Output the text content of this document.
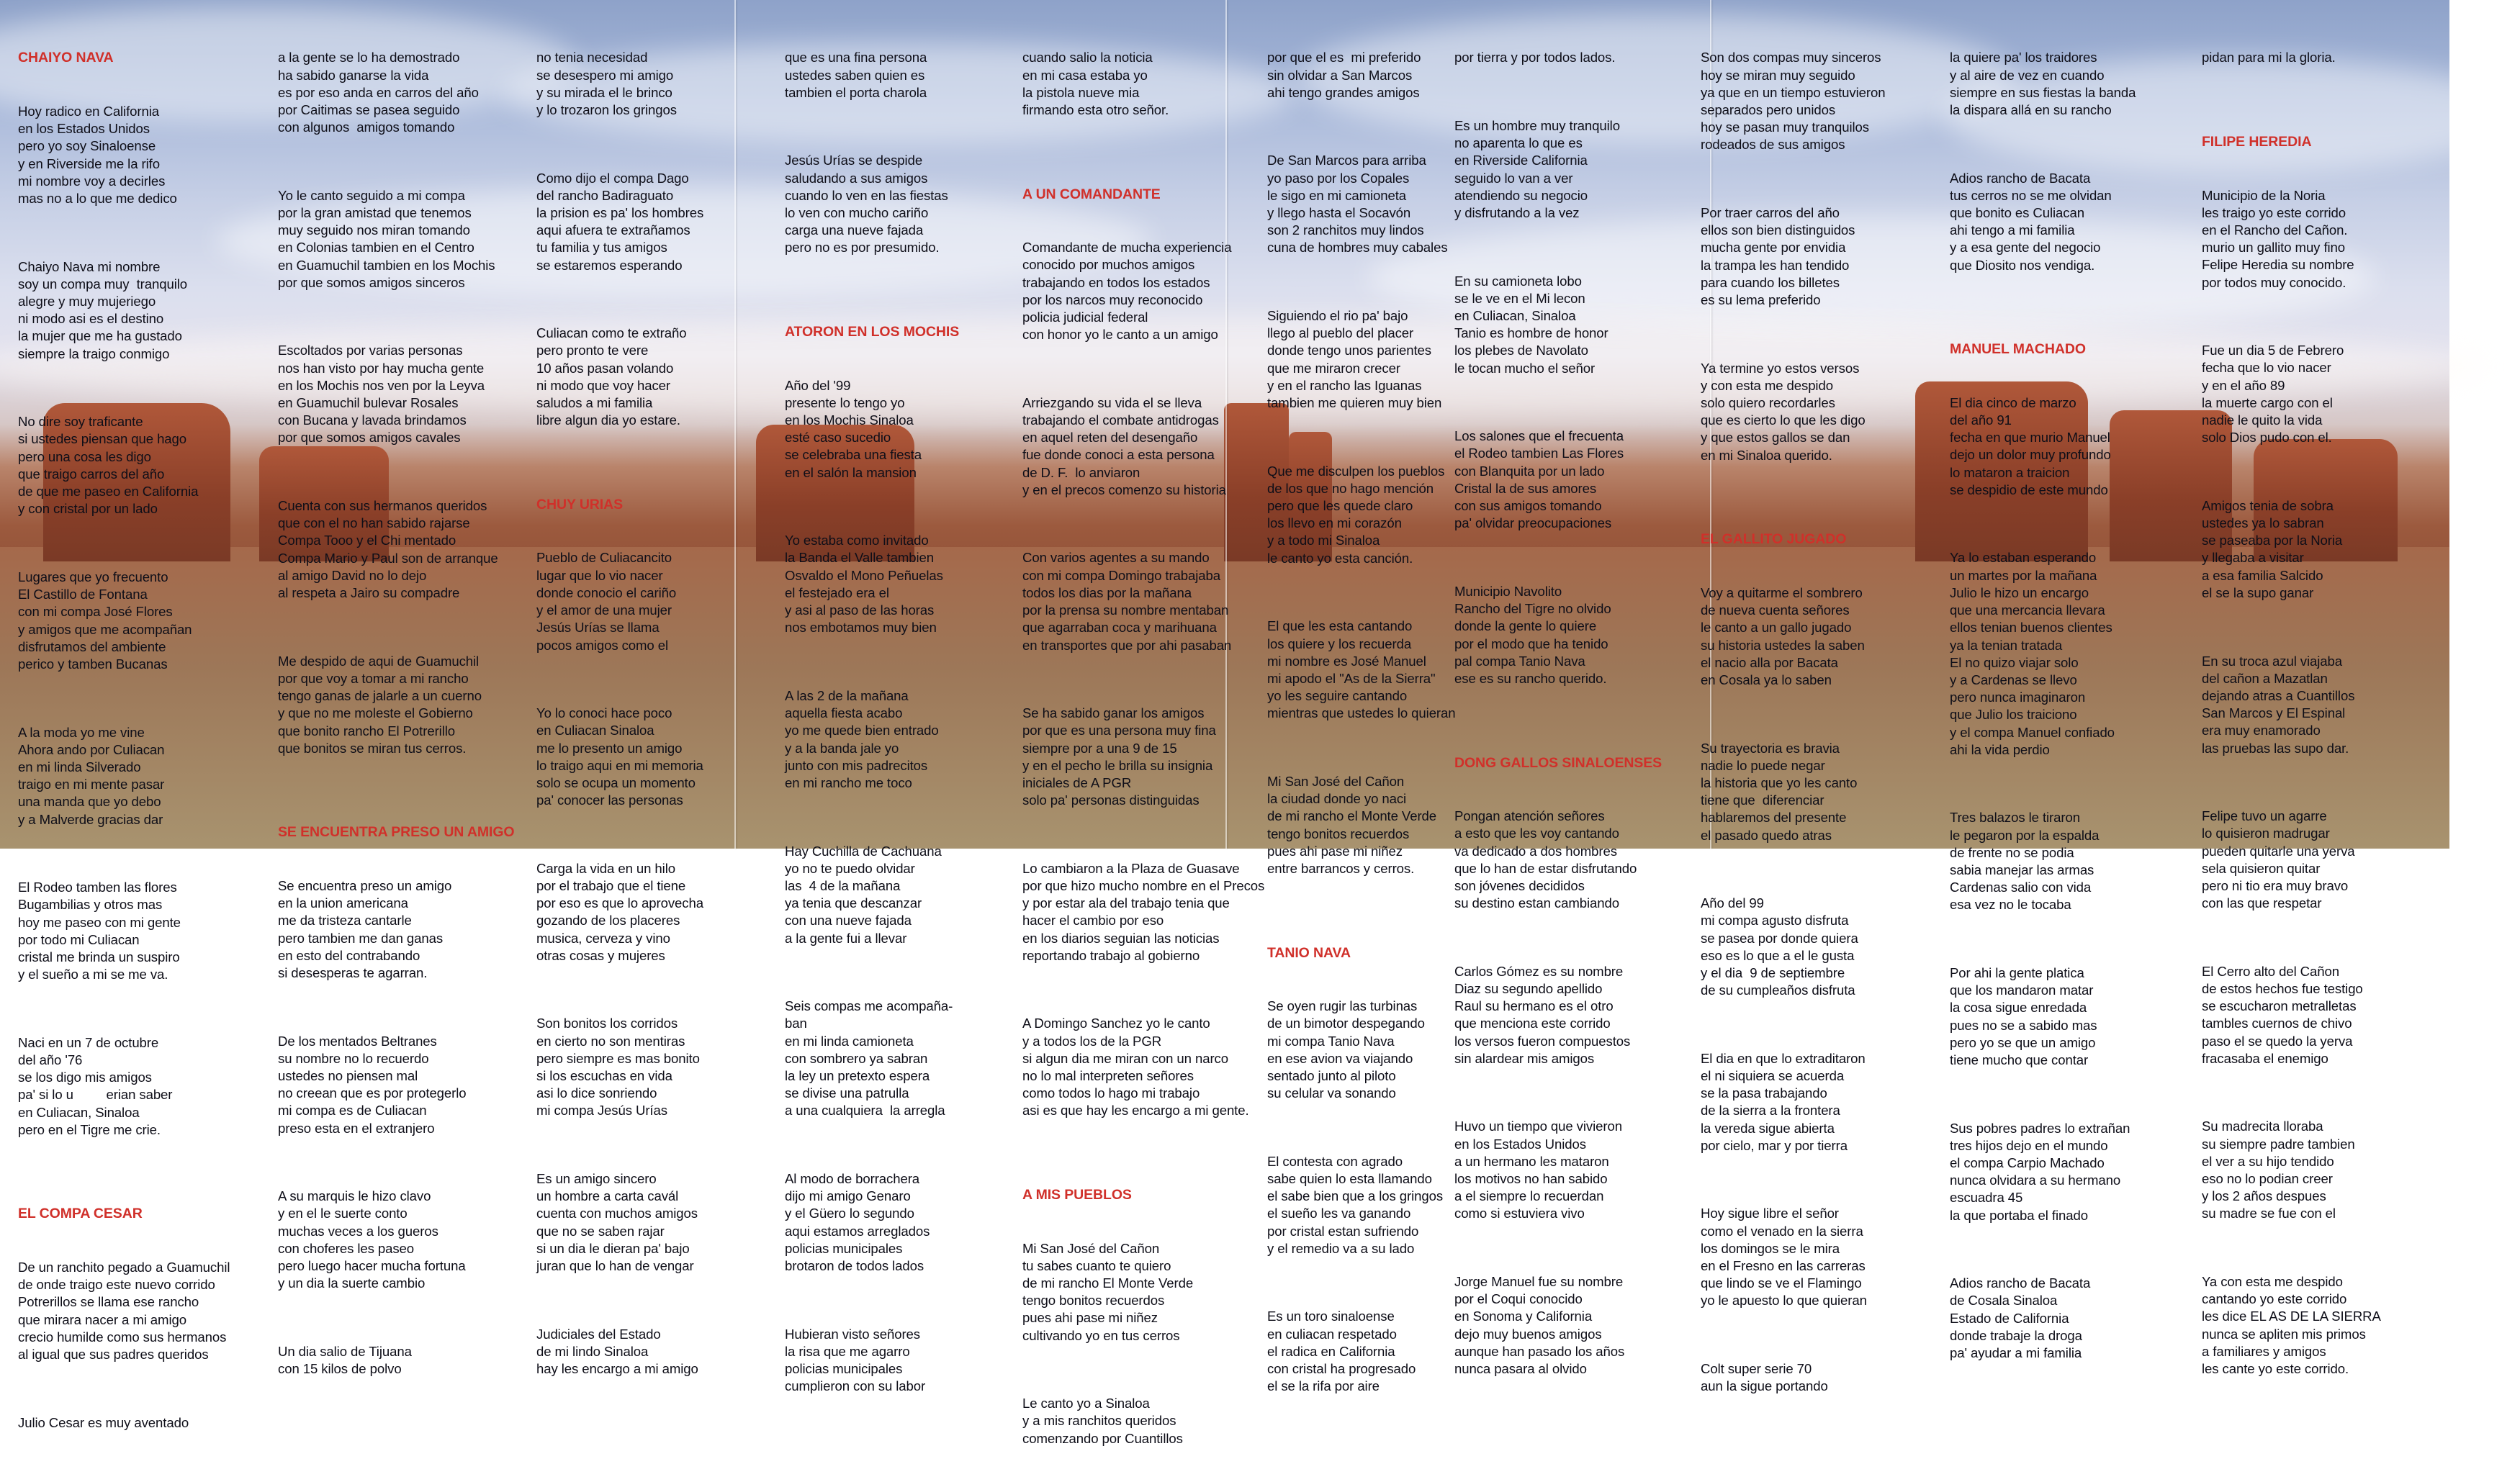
CHAIYO NAVA

Hoy radico en California
en los Estados Unidos
pero yo soy Sinaloense
y en Riverside me la rifo
mi nombre voy a decirles
mas no a lo que me dedico

Chaiyo Nava mi nombre
soy un compa muy  tranquilo
alegre y muy mujeriego
ni modo asi es el destino
la mujer que me ha gustado
siempre la traigo conmigo

No dire soy traficante
si ustedes piensan que hago
pero una cosa les digo
que traigo carros del año
de que me paseo en California
y con cristal por un lado

Lugares que yo frecuento
El Castillo de Fontana
con mi compa José Flores
y amigos que me acompañan
disfrutamos del ambiente
perico y tamben Bucanas

A la moda yo me vine
Ahora ando por Culiacan
en mi linda Silverado
traigo en mi mente pasar
una manda que yo debo
y a Malverde gracias dar

El Rodeo tamben las flores
Bugambilias y otros mas
hoy me paseo con mi gente
por todo mi Culiacan
cristal me brinda un suspiro
y el sueño a mi se me va.

Naci en un 7 de octubre
del año '76
se los digo mis amigos
pa' si lo u         erian saber
en Culiacan, Sinaloa
pero en el Tigre me crie.

EL COMPA CESAR

De un ranchito pegado a Guamuchil
de onde traigo este nuevo corrido
Potrerillos se llama ese rancho
que mirara nacer a mi amigo
crecio humilde como sus hermanos
al igual que sus padres queridos

Julio Cesar es muy aventado

a la gente se lo ha demostrado
ha sabido ganarse la vida
es por eso anda en carros del año
por Caitimas se pasea seguido
con algunos  amigos tomando

Yo le canto seguido a mi compa
por la gran amistad que tenemos
muy seguido nos miran tomando
en Colonias tambien en el Centro
en Guamuchil tambien en los Mochis
por que somos amigos sinceros

Escoltados por varias personas
nos han visto por hay mucha gente
en los Mochis nos ven por la Leyva
en Guamuchil bulevar Rosales
con Bucana y lavada brindamos
por que somos amigos cavales

Cuenta con sus hermanos queridos
que con el no han sabido rajarse
Compa Tooo y el Chi mentado
Compa Mario y Paul son de arranque
al amigo David no lo dejo
al respeta a Jairo su compadre

Me despido de aqui de Guamuchil
por que voy a tomar a mi rancho
tengo ganas de jalarle a un cuerno
y que no me moleste el Gobierno
que bonito rancho El Potrerillo
que bonitos se miran tus cerros.

SE ENCUENTRA PRESO UN AMIGO

Se encuentra preso un amigo
en la union americana
me da tristeza cantarle
pero tambien me dan ganas
en esto del contrabando
si desesperas te agarran.

De los mentados Beltranes
su nombre no lo recuerdo
ustedes no piensen mal
no creean que es por protegerlo
mi compa es de Culiacan
preso esta en el extranjero

A su marquis le hizo clavo
y en el le suerte conto
muchas veces a los gueros
con choferes les paseo
pero luego hacer mucha fortuna
y un dia la suerte cambio

Un dia salio de Tijuana
con 15 kilos de polvo

no tenia necesidad
se desespero mi amigo
y su mirada el le brinco
y lo trozaron los gringos

Como dijo el compa Dago
del rancho Badiraguato
la prision es pa' los hombres
aqui afuera te extrañamos
tu familia y tus amigos
se estaremos esperando

Culiacan como te extraño
pero pronto te vere
10 años pasan volando
ni modo que voy hacer
saludos a mi familia
libre algun dia yo estare.

CHUY URIAS

Pueblo de Culiacancito
lugar que lo vio nacer
donde conocio el cariño
y el amor de una mujer
Jesús Urías se llama
pocos amigos como el

Yo lo conoci hace poco
en Culiacan Sinaloa
me lo presento un amigo
lo traigo aqui en mi memoria
solo se ocupa un momento
pa' conocer las personas

Carga la vida en un hilo
por el trabajo que el tiene
por eso es que lo aprovecha
gozando de los placeres
musica, cerveza y vino
otras cosas y mujeres

Son bonitos los corridos
en cierto no son mentiras
pero siempre es mas bonito
si los escuchas en vida
asi lo dice sonriendo
mi compa Jesús Urías

Es un amigo sincero
un hombre a carta cavál
cuenta con muchos amigos
que no se saben rajar
si un dia le dieran pa' bajo
juran que lo han de vengar

Judiciales del Estado
de mi lindo Sinaloa
hay les encargo a mi amigo

que es una fina persona
ustedes saben quien es
tambien el porta charola

Jesús Urías se despide
saludando a sus amigos
cuando lo ven en las fiestas
lo ven con mucho cariño
carga una nueve fajada
pero no es por presumido.

ATORON EN LOS MOCHIS

Año del '99
presente lo tengo yo
en los Mochis Sinaloa
esté caso sucedio
se celebraba una fiesta
en el salón la mansion

Yo estaba como invitado
la Banda el Valle tambien
Osvaldo el Mono Peñuelas
el festejado era el
y asi al paso de las horas
nos embotamos muy bien

A las 2 de la mañana
aquella fiesta acabo
yo me quede bien entrado
y a la banda jale yo
junto con mis padrecitos
en mi rancho me toco

Hay Cuchilla de Cachuana
yo no te puedo olvidar
las  4 de la mañana
ya tenia que descanzar
con una nueve fajada
a la gente fui a llevar

Seis compas me acompaña-
ban
en mi linda camioneta
con sombrero ya sabran
la ley un pretexto espera
se divise una patrulla
a una cualquiera  la arregla

Al modo de borrachera
dijo mi amigo Genaro
y el Güero lo segundo
aqui estamos arreglados
policias municipales
brotaron de todos lados

Hubieran visto señores
la risa que me agarro
policias municipales
cumplieron con su labor

cuando salio la noticia
en mi casa estaba yo
la pistola nueve mia
firmando esta otro señor.

A UN COMANDANTE

Comandante de mucha experiencia
conocido por muchos amigos
trabajando en todos los estados
por los narcos muy reconocido
policia judicial federal
con honor yo le canto a un amigo

Arriezgando su vida el se lleva
trabajando el combate antidrogas
en aquel reten del desengaño
fue donde conoci a esta persona
de D. F.  lo anviaron
y en el precos comenzo su historia

Con varios agentes a su mando
con mi compa Domingo trabajaba
todos los dias por la mañana
por la prensa su nombre mentaban
que agarraban coca y marihuana
en transportes que por ahi pasaban

Se ha sabido ganar los amigos
por que es una persona muy fina
siempre por a una 9 de 15
y en el pecho le brilla su insignia
iniciales de A PGR
solo pa' personas distinguidas

Lo cambiaron a la Plaza de Guasave
por que hizo mucho nombre en el Precos
y por estar ala del trabajo tenia que
hacer el cambio por eso
en los diarios seguian las noticias
reportando trabajo al gobierno

A Domingo Sanchez yo le canto
y a todos los de la PGR
si algun dia me miran con un narco
no lo mal interpreten señores
como todos lo hago mi trabajo
asi es que hay les encargo a mi gente.

A MIS PUEBLOS

Mi San José del Cañon
tu sabes cuanto te quiero
de mi rancho El Monte Verde
tengo bonitos recuerdos
pues ahi pase mi niñez
cultivando yo en tus cerros

Le canto yo a Sinaloa
y a mis ranchitos queridos
comenzando por Cuantillos

por que el es  mi preferido
sin olvidar a San Marcos
ahi tengo grandes amigos

De San Marcos para arriba
yo paso por los Copales
le sigo en mi camioneta
y llego hasta el Socavón
son 2 ranchitos muy lindos
cuna de hombres muy cabales

Siguiendo el rio pa' bajo
llego al pueblo del placer
donde tengo unos parientes
que me miraron crecer
y en el rancho las Iguanas
tambien me quieren muy bien

Que me disculpen los pueblos
de los que no hago mención
pero que les quede claro
los llevo en mi corazón
y a todo mi Sinaloa
le canto yo esta canción.

El que les esta cantando
los quiere y los recuerda
mi nombre es José Manuel
mi apodo el "As de la Sierra"
yo les seguire cantando
mientras que ustedes lo quieran

Mi San José del Cañon
la ciudad donde yo naci
de mi rancho el Monte Verde
tengo bonitos recuerdos
pues ahi pase mi niñez
entre barrancos y cerros.

TANIO NAVA

Se oyen rugir las turbinas
de un bimotor despegando
mi compa Tanio Nava
en ese avion va viajando
sentado junto al piloto
su celular va sonando

El contesta con agrado
sabe quien lo esta llamando
el sabe bien que a los gringos
el sueño les va ganando
por cristal estan sufriendo
y el remedio va a su lado

Es un toro sinaloense
en culiacan respetado
el radica en California
con cristal ha progresado
el se la rifa por aire

por tierra y por todos lados.

Es un hombre muy tranquilo
no aparenta lo que es
en Riverside California
seguido lo van a ver
atendiendo su negocio
y disfrutando a la vez

En su camioneta lobo
se le ve en el Mi lecon
en Culiacan, Sinaloa
Tanio es hombre de honor
los plebes de Navolato
le tocan mucho el señor

Los salones que el frecuenta
el Rodeo tambien Las Flores
con Blanquita por un lado
Cristal la de sus amores
con sus amigos tomando
pa' olvidar preocupaciones

Municipio Navolito
Rancho del Tigre no olvido
donde la gente lo quiere
por el modo que ha tenido
pal compa Tanio Nava
ese es su rancho querido.

DONG GALLOS SINALOENSES

Pongan atención señores
a esto que les voy cantando
va dedicado a dos hombres
que lo han de estar disfrutando
son jóvenes decididos
su destino estan cambiando

Carlos Gómez es su nombre
Diaz su segundo apellido
Raul su hermano es el otro
que menciona este corrido
los versos fueron compuestos
sin alardear mis amigos

Huvo un tiempo que vivieron
en los Estados Unidos
a un hermano les mataron
los motivos no han sabido
a el siempre lo recuerdan
como si estuviera vivo

Jorge Manuel fue su nombre
por el Coqui conocido
en Sonoma y California
dejo muy buenos amigos
aunque han pasado los años
nunca pasara al olvido

Son dos compas muy sinceros
hoy se miran muy seguido
ya que en un tiempo estuvieron
separados pero unidos
hoy se pasan muy tranquilos
rodeados de sus amigos

Por traer carros del año
ellos son bien distinguidos
mucha gente por envidia
la trampa les han tendido
para cuando los billetes
es su lema preferido

Ya termine yo estos versos
y con esta me despido
solo quiero recordarles
que es cierto lo que les digo
y que estos gallos se dan
en mi Sinaloa querido.

EL GALLITO JUGADO

Voy a quitarme el sombrero
de nueva cuenta señores
le canto a un gallo jugado
su historia ustedes la saben
el nacio alla por Bacata
en Cosala ya lo saben

Su trayectoria es bravia
nadie lo puede negar
la historia que yo les canto
tiene que  diferenciar
hablaremos del presente
el pasado quedo atras

Año del 99
mi compa agusto disfruta
se pasea por donde quiera
eso es lo que a el le gusta
y el dia  9 de septiembre
de su cumpleaños disfruta

El dia en que lo extraditaron
el ni siquiera se acuerda
se la pasa trabajando
de la sierra a la frontera
la vereda sigue abierta
por cielo, mar y por tierra

Hoy sigue libre el señor
como el venado en la sierra
los domingos se le mira
en el Fresno en las carreras
que lindo se ve el Flamingo
yo le apuesto lo que quieran

Colt super serie 70
aun la sigue portando

la quiere pa' los traidores
y al aire de vez en cuando
siempre en sus fiestas la banda
la dispara allá en su rancho

Adios rancho de Bacata
tus cerros no se me olvidan
que bonito es Culiacan
ahi tengo a mi familia
y a esa gente del negocio
que Diosito nos vendiga.

MANUEL MACHADO

El dia cinco de marzo
del año 91
fecha en que murio Manuel
dejo un dolor muy profundo
lo mataron a traicion
se despidio de este mundo

Ya lo estaban esperando
un martes por la mañana
Julio le hizo un encargo
que una mercancia llevara
ellos tenian buenos clientes
ya la tenian tratada
El no quizo viajar solo
y a Cardenas se llevo
pero nunca imaginaron
que Julio los traiciono
y el compa Manuel confiado
ahi la vida perdio

Tres balazos le tiraron
le pegaron por la espalda
de frente no se podia
sabia manejar las armas
Cardenas salio con vida
esa vez no le tocaba

Por ahi la gente platica
que los mandaron matar
la cosa sigue enredada
pues no se a sabido mas
pero yo se que un amigo
tiene mucho que contar

Sus pobres padres lo extrañan
tres hijos dejo en el mundo
el compa Carpio Machado
nunca olvidara a su hermano
escuadra 45
la que portaba el finado

Adios rancho de Bacata
de Cosala Sinaloa
Estado de California
donde trabaje la droga
pa' ayudar a mi familia

pidan para mi la gloria.

FILIPE HEREDIA

Municipio de la Noria
les traigo yo este corrido
en el Rancho del Cañon.
murio un gallito muy fino
Felipe Heredia su nombre
por todos muy conocido.

Fue un dia 5 de Febrero
fecha que lo vio nacer
y en el año 89
la muerte cargo con el
nadie le quito la vida
solo Dios pudo con el.

Amigos tenia de sobra
ustedes ya lo sabran
se paseaba por la Noria
y llegaba a visitar
a esa familia Salcido
el se la supo ganar

En su troca azul viajaba
del cañon a Mazatlan
dejando atras a Cuantillos
San Marcos y El Espinal
era muy enamorado
las pruebas las supo dar.

Felipe tuvo un agarre
lo quisieron madrugar
pueden quitarle una yerva
sela quisieron quitar
pero ni tio era muy bravo
con las que respetar

El Cerro alto del Cañon
de estos hechos fue testigo
se escucharon metralletas
tambles cuernos de chivo
paso el se quedo la yerva
fracasaba el enemigo

Su madrecita lloraba
su siempre padre tambien
el ver a su hijo tendido
eso no lo podian creer
y los 2 años despues
su madre se fue con el

Ya con esta me despido
cantando yo este corrido
les dice EL AS DE LA SIERRA
nunca se apliten mis primos
a familiares y amigos
les cante yo este corrido.
